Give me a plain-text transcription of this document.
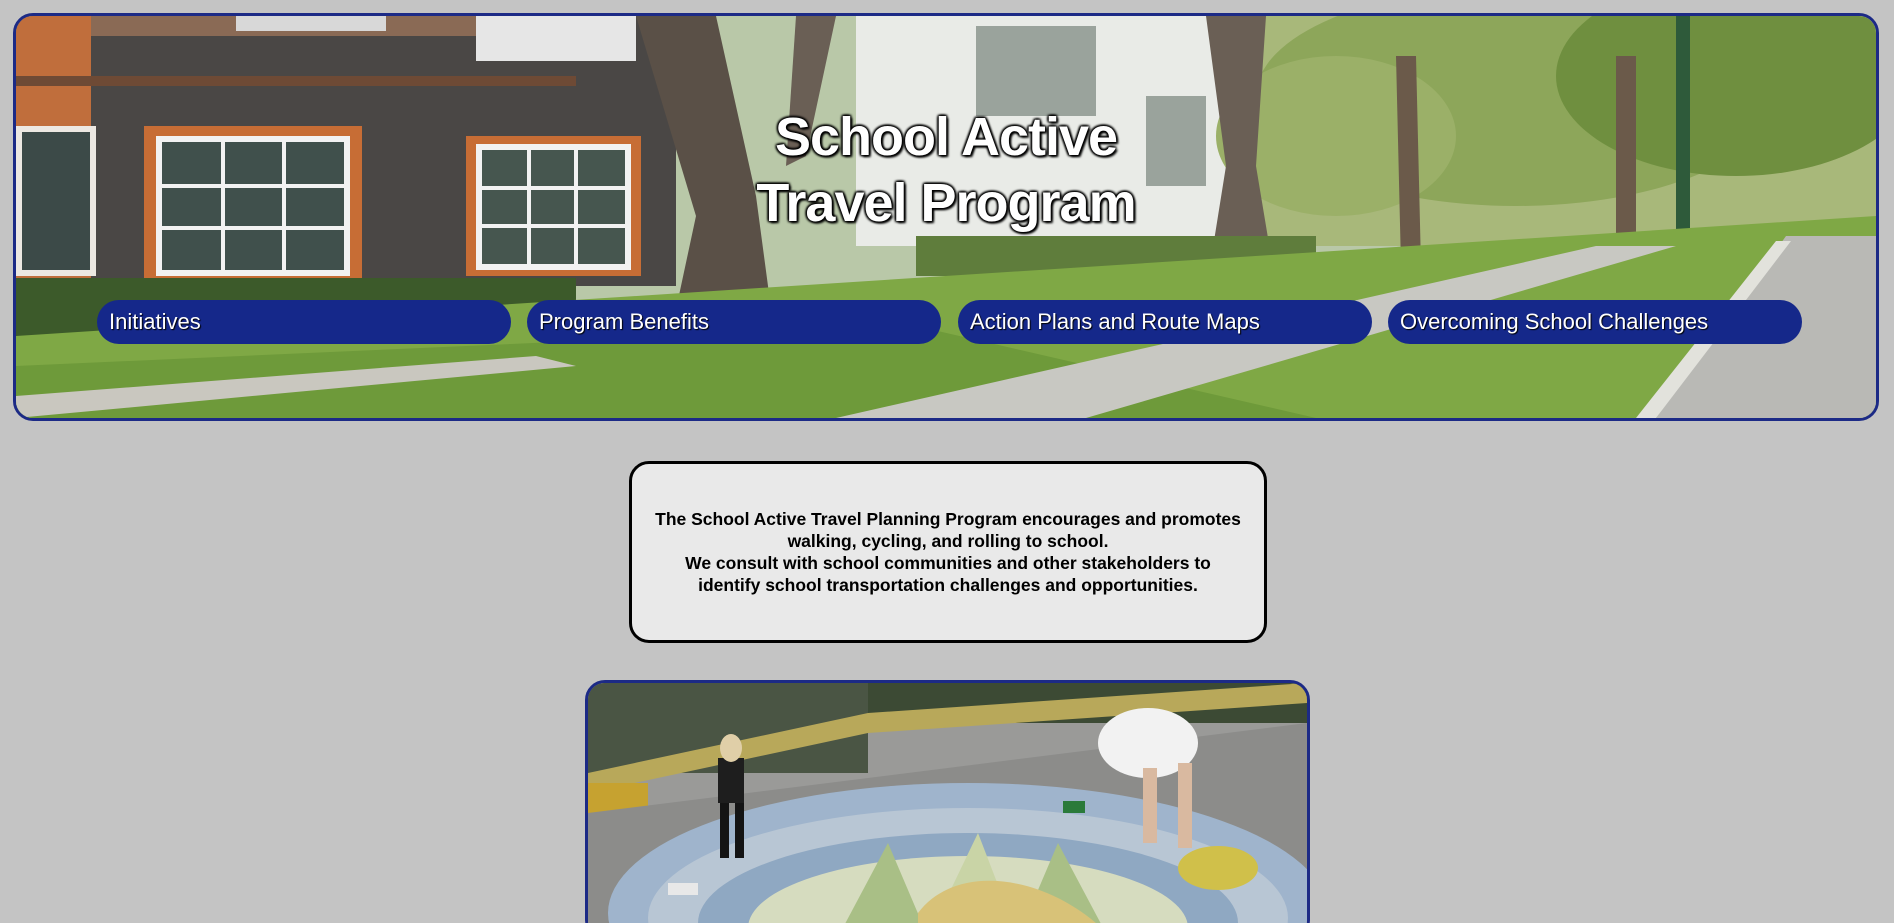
School Active
Travel Program
Initiatives	Program Benefits	Action Plans and Route Maps	Overcoming School Challenges

The School Active Travel Planning Program encourages and promotes walking, cycling, and rolling to school.

We consult with school communities and other stakeholders to identify school transportation challenges and opportunities.
